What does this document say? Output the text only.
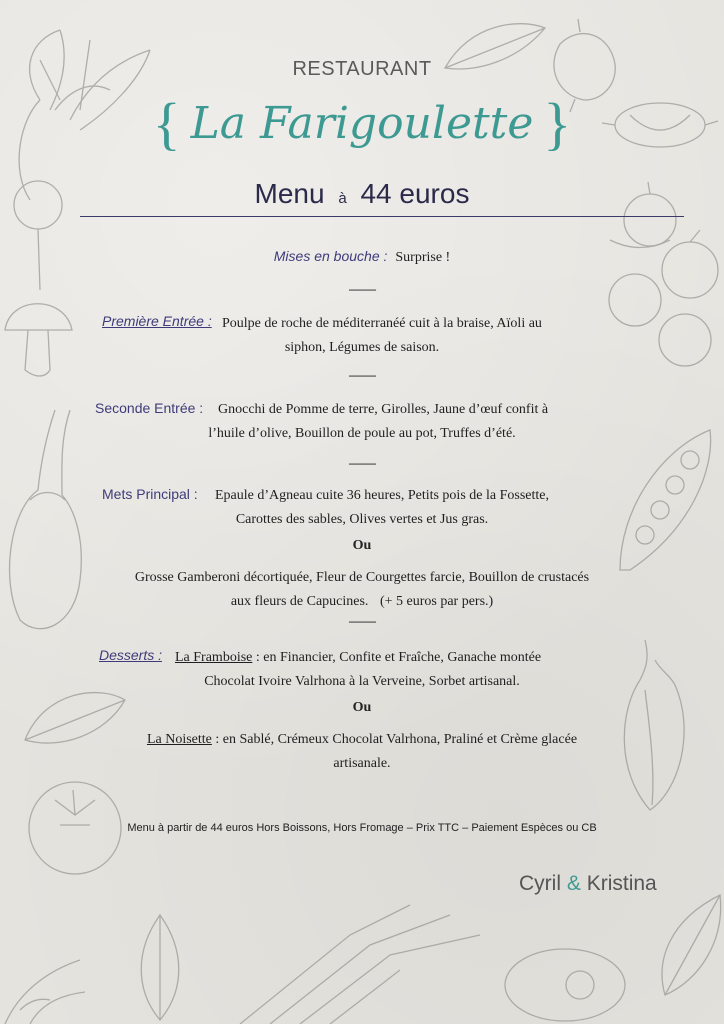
RESTAURANT
{ La Farigoulette }
Menu à 44 euros
Mises en bouche : Surprise !
---------
Première Entrée : Poulpe de roche de méditerranéé cuit à la braise, Aïoli au
siphon, Légumes de saison.
---------
Seconde Entrée : Gnocchi de Pomme de terre, Girolles, Jaune d’œuf confit à
l’huile d’olive, Bouillon de poule au pot, Truffes d’été.
---------
Mets Principal : Epaule d’Agneau cuite 36 heures, Petits pois de la Fossette,
Carottes des sables, Olives vertes et Jus gras.
Ou
Grosse Gamberoni décortiquée, Fleur de Courgettes farcie, Bouillon de crustacés
aux fleurs de Capucines. (+ 5 euros par pers.)
---------
Desserts : La Framboise : en Financier, Confite et Fraîche, Ganache montée
Chocolat Ivoire Valrhona à la Verveine, Sorbet artisanal.
Ou
La Noisette : en Sablé, Crémeux Chocolat Valrhona, Praliné et Crème glacée
artisanale.
Menu à partir de 44 euros Hors Boissons, Hors Fromage – Prix TTC – Paiement Espèces ou CB
Cyril & Kristina
